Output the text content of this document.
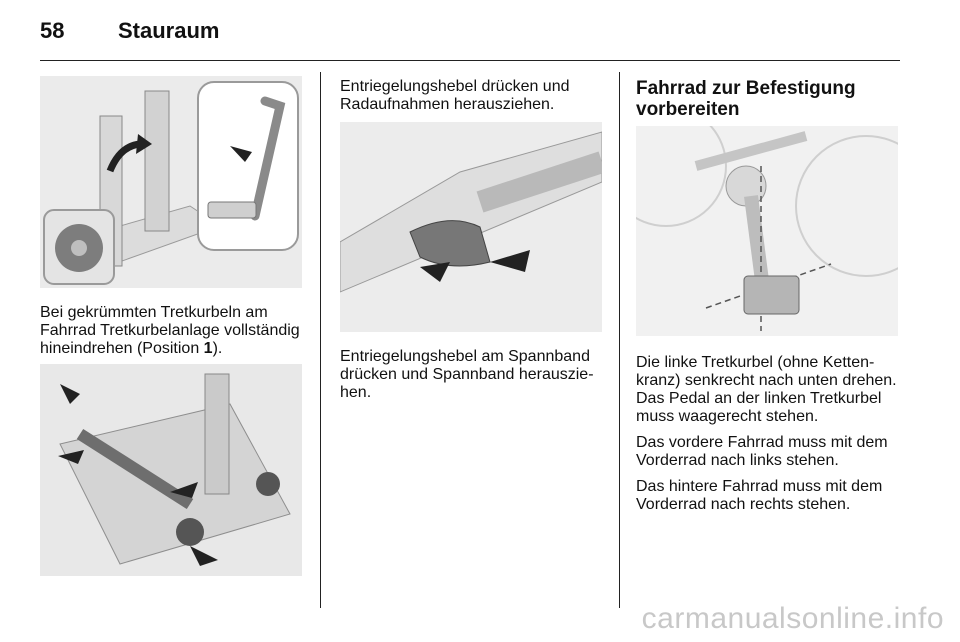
58 Stauraum
Bei gekrümmten Tretkurbeln am
Fahrrad Tretkurbelanlage vollständig
hineindrehen (Position 1).
Entriegelungshebel drücken und
Radaufnahmen herausziehen.
Entriegelungshebel am Spannband
drücken und Spannband herauszie-
hen.
Fahrrad zur Befestigung
vorbereiten

Die linke Tretkurbel (ohne Ketten-
kranz) senkrecht nach unten drehen.
Das Pedal an der linken Tretkurbel
muss waagerecht stehen.

Das vordere Fahrrad muss mit dem
Vorderrad nach links stehen.

Das hintere Fahrrad muss mit dem
Vorderrad nach rechts stehen.

carmanualsonline.info
